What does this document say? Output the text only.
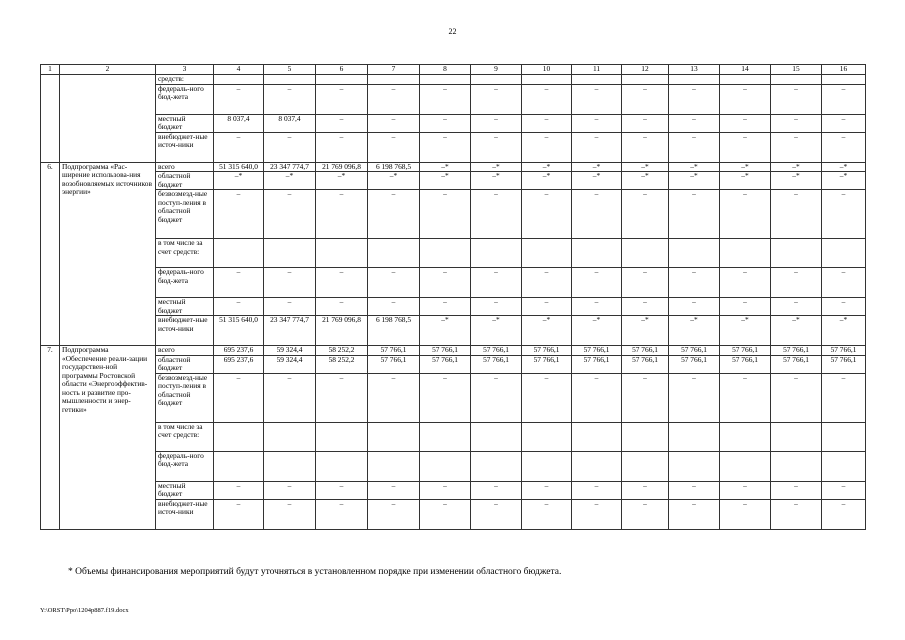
22
1	2	3	4	5	6	7	8	9	10	11	12	13	14	15	16
		средств:													
		федераль-ного бюд-жета	–	–	–	–	–	–	–	–	–	–	–	–	–
		местный бюджет	8 037,4	8 037,4	–	–	–	–	–	–	–	–	–	–	–
		внебюджет-ные источ-ники	–	–	–	–	–	–	–	–	–	–	–	–	–
6.	Подпрограмма «Рас-ширение использова-ния возобновляемых источников энергии»	всего	51 315 640,0	23 347 774,7	21 769 096,8	6 198 768,5	–*	–*	–*	–*	–*	–*	–*	–*	–*
		областной бюджет	–*	–*	–*	–*	–*	–*	–*	–*	–*	–*	–*	–*	–*
		безвозмезд-ные поступ-ления в областной бюджет	–	–	–	–	–	–	–	–	–	–	–	–	–
		в том числе за счет средств:													
		федераль-ного бюд-жета	–	–	–	–	–	–	–	–	–	–	–	–	–
		местный бюджет	–	–	–	–	–	–	–	–	–	–	–	–	–
		внебюджет-ные источ-ники	51 315 640,0	23 347 774,7	21 769 096,8	6 198 768,5	–*	–*	–*	–*	–*	–*	–*	–*	–*
7.	Подпрограмма «Обеспечение реали-зации государствен-ной программы Ростовской области «Энергоэффектив-ность и развитие про-мышленности и энер-гетики»	всего	695 237,6	59 324,4	58 252,2	57 766,1	57 766,1	57 766,1	57 766,1	57 766,1	57 766,1	57 766,1	57 766,1	57 766,1	57 766,1
		областной бюджет	695 237,6	59 324,4	58 252,2	57 766,1	57 766,1	57 766,1	57 766,1	57 766,1	57 766,1	57 766,1	57 766,1	57 766,1	57 766,1
		безвозмезд-ные поступ-ления в областной бюджет	–	–	–	–	–	–	–	–	–	–	–	–	–
		в том числе за счет средств:													
		федераль-ного бюд-жета													
		местный бюджет	–	–	–	–	–	–	–	–	–	–	–	–	–
		внебюджет-ные источ-ники	–	–	–	–	–	–	–	–	–	–	–	–	–
* Объемы финансирования мероприятий будут уточняться в установленном порядке при изменении областного бюджета.
Y:\ORST\Ppo\1204p887.f19.docx
